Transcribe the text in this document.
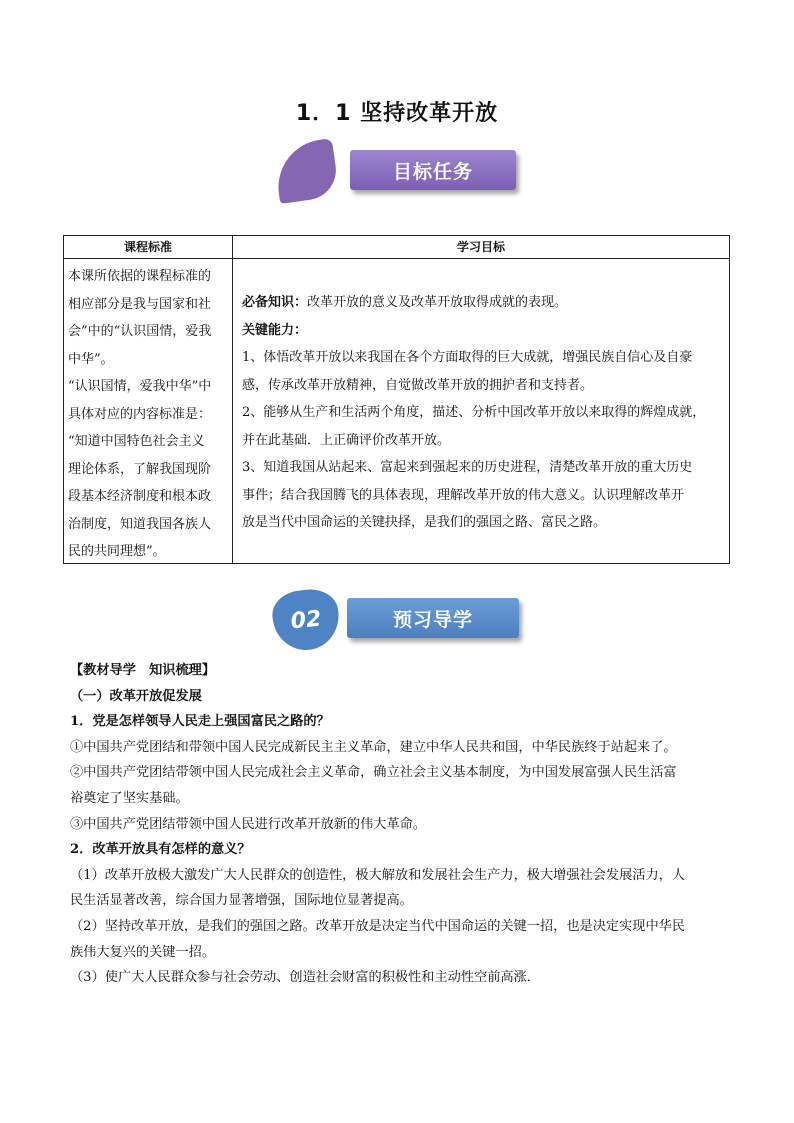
1．1 坚持改革开放
目标任务
课程标准	学习目标

本课所依据的课程标准的

相应部分是我与国家和社

会”中的“认识国情，爱我

中华”。

“认识国情，爱我中华”中

具体对应的内容标准是：

“知道中国特色社会主义

理论体系，了解我国现阶

段基本经济制度和根本政

治制度，知道我国各族人

民的共同理想”。

必备知识：改革开放的意义及改革开放取得成就的表现。

关键能力：

1、体悟改革开放以来我国在各个方面取得的巨大成就，增强民族自信心及自豪

感，传承改革开放精神，自觉做改革开放的拥护者和支持者。

2、能够从生产和生活两个角度，描述、分析中国改革开放以来取得的辉煌成就，

并在此基础．上正确评价改革开放。

3、知道我国从站起来、富起来到强起来的历史进程，清楚改革开放的重大历史

事件；结合我国腾飞的具体表现，理解改革开放的伟大意义。认识理解改革开

放是当代中国命运的关键抉择，是我们的强国之路、富民之路。

02	预习导学

【教材导学　知识梳理】

（一）改革开放促发展

1．党是怎样领导人民走上强国富民之路的？

①中国共产党团结和带领中国人民完成新民主主义革命，建立中华人民共和国，中华民族终于站起来了。

②中国共产党团结带领中国人民完成社会主义革命，确立社会主义基本制度，为中国发展富强人民生活富

裕奠定了坚实基础。

③中国共产党团结带领中国人民进行改革开放新的伟大革命。

2．改革开放具有怎样的意义？

（1）改革开放极大激发广大人民群众的创造性，极大解放和发展社会生产力，极大增强社会发展活力，人

民生活显著改善，综合国力显著增强，国际地位显著提高。

（2）坚持改革开放，是我们的强国之路。改革开放是决定当代中国命运的关键一招，也是决定实现中华民

族伟大复兴的关键一招。

（3）使广大人民群众参与社会劳动、创造社会财富的积极性和主动性空前高涨．
